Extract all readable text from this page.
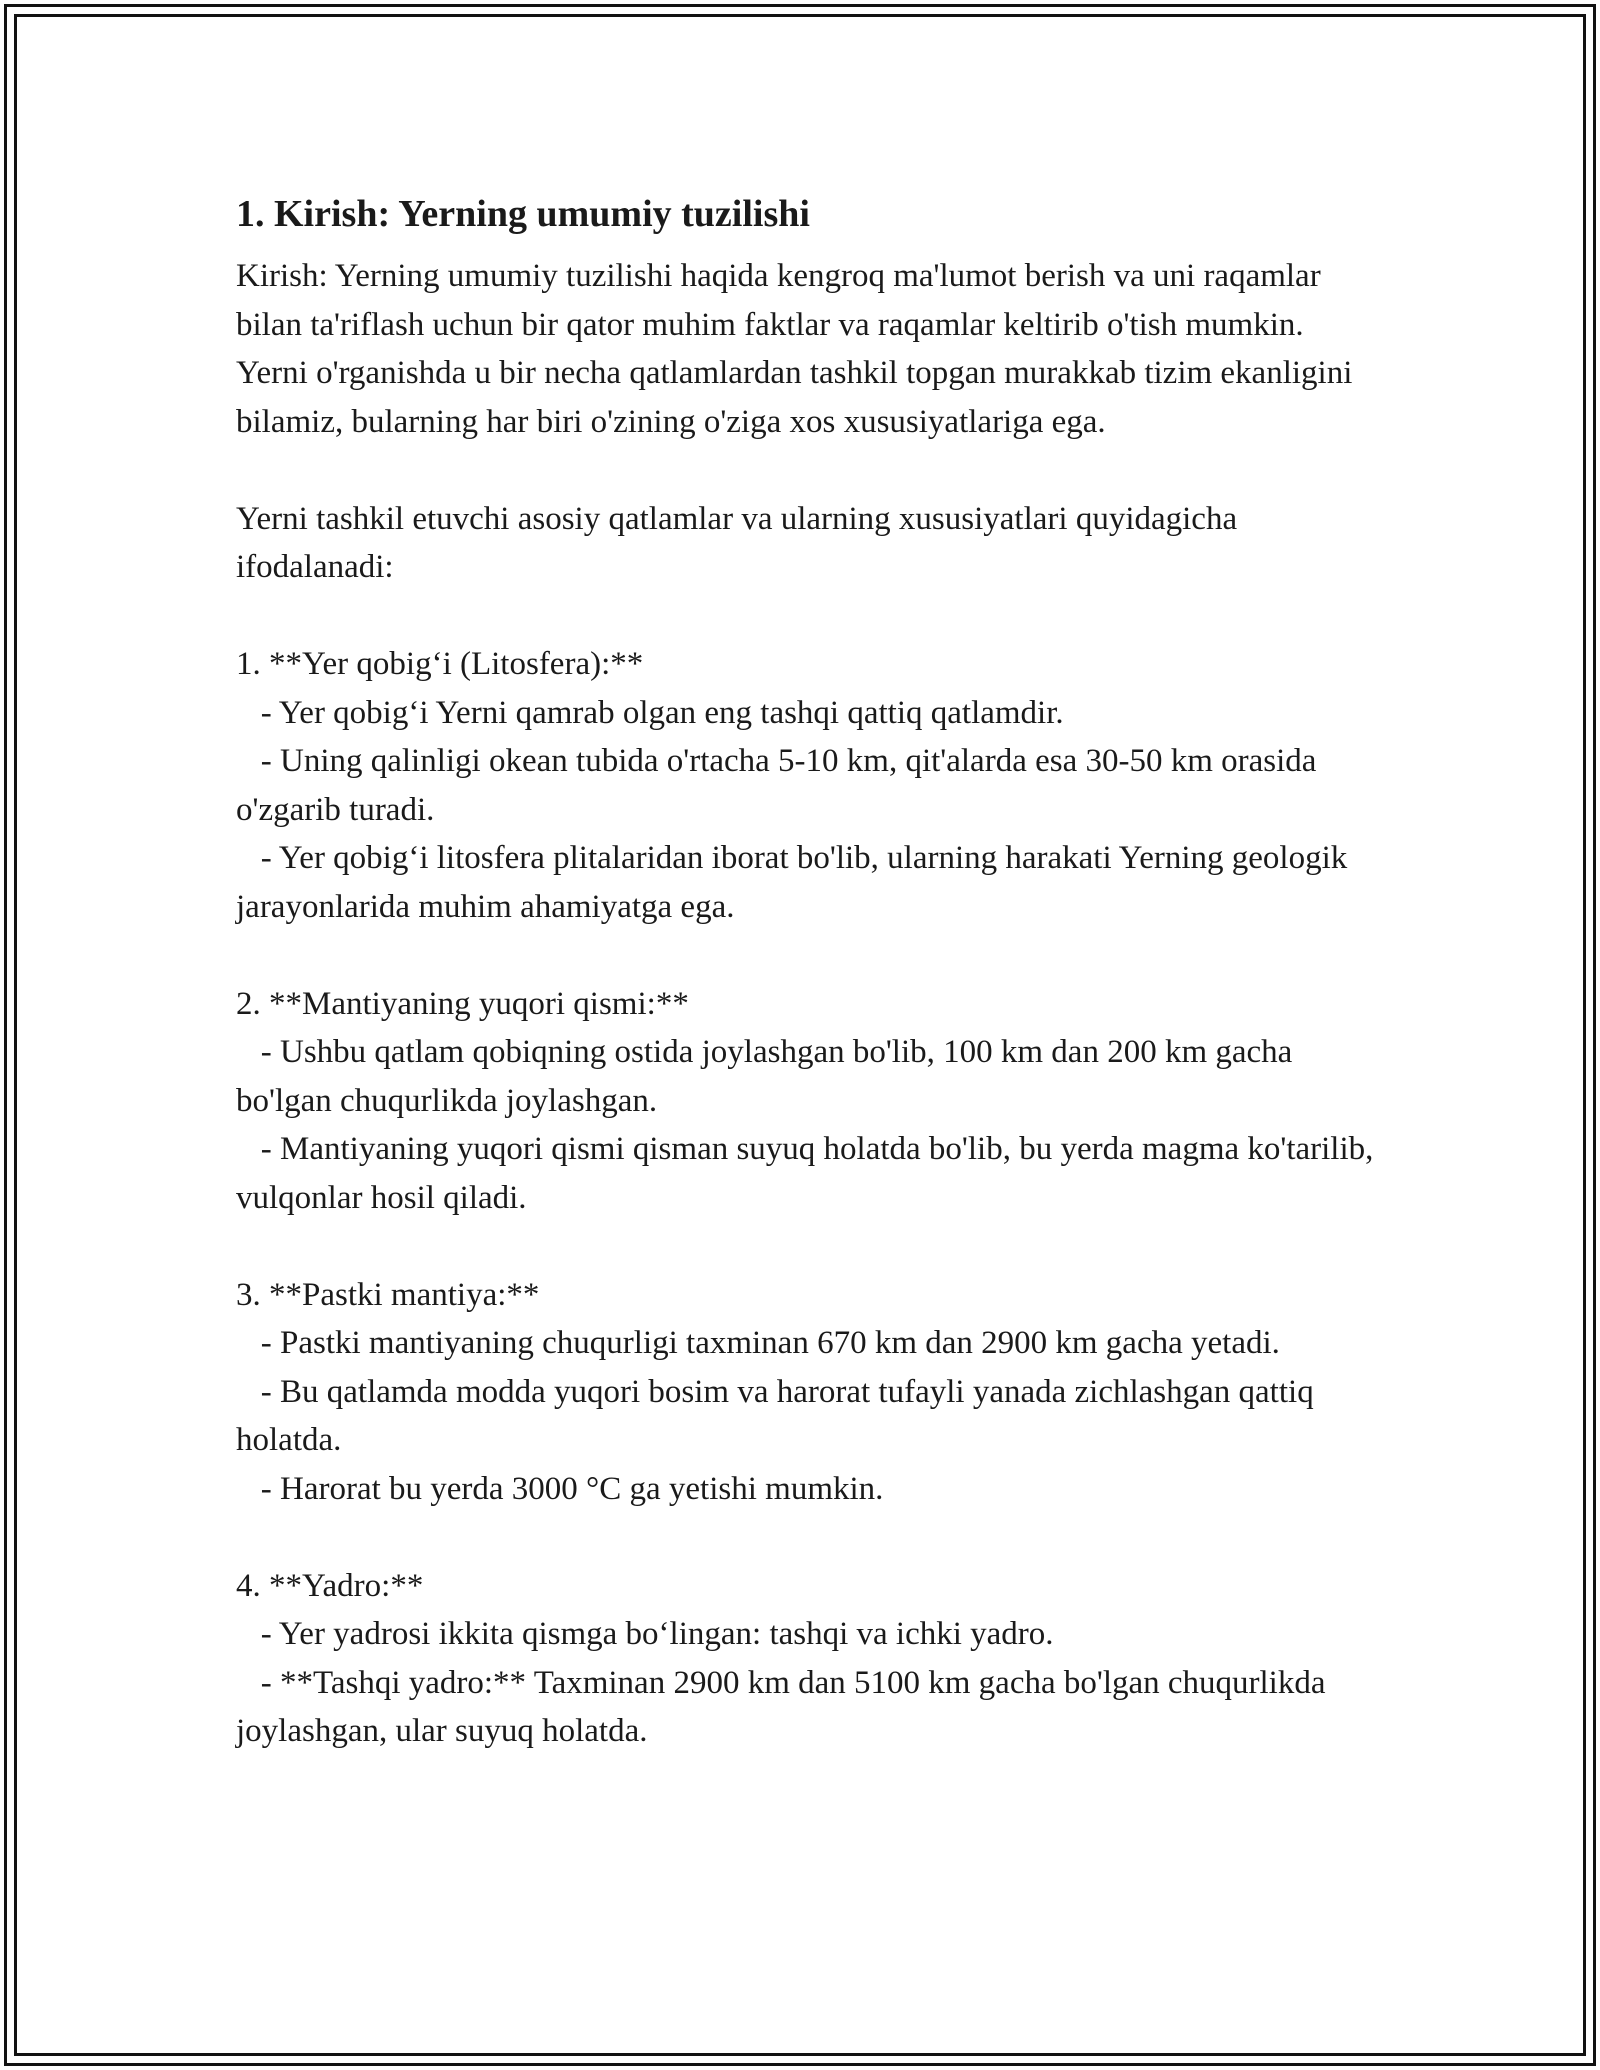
1. Kirish: Yerning umumiy tuzilishi

Kirish: Yerning umumiy tuzilishi haqida kengroq ma'lumot berish va uni raqamlar bilan ta'riflash uchun bir qator muhim faktlar va raqamlar keltirib o'tish mumkin. Yerni o'rganishda u bir necha qatlamlardan tashkil topgan murakkab tizim ekanligini bilamiz, bularning har biri o'zining o'ziga xos xususiyatlariga ega.

Yerni tashkil etuvchi asosiy qatlamlar va ularning xususiyatlari quyidagicha ifodalanadi:

1. **Yer qobig‘i (Litosfera):**

- Yer qobig‘i Yerni qamrab olgan eng tashqi qattiq qatlamdir.

- Uning qalinligi okean tubida o'rtacha 5-10 km, qit'alarda esa 30-50 km orasida o'zgarib turadi.

- Yer qobig‘i litosfera plitalaridan iborat bo'lib, ularning harakati Yerning geologik jarayonlarida muhim ahamiyatga ega.

2. **Mantiyaning yuqori qismi:**

- Ushbu qatlam qobiqning ostida joylashgan bo'lib, 100 km dan 200 km gacha bo'lgan chuqurlikda joylashgan.

- Mantiyaning yuqori qismi qisman suyuq holatda bo'lib, bu yerda magma ko'tarilib, vulqonlar hosil qiladi.

3. **Pastki mantiya:**

- Pastki mantiyaning chuqurligi taxminan 670 km dan 2900 km gacha yetadi.

- Bu qatlamda modda yuqori bosim va harorat tufayli yanada zichlashgan qattiq holatda.

- Harorat bu yerda 3000 °C ga yetishi mumkin.

4. **Yadro:**

- Yer yadrosi ikkita qismga bo‘lingan: tashqi va ichki yadro.

- **Tashqi yadro:** Taxminan 2900 km dan 5100 km gacha bo'lgan chuqurlikda joylashgan, ular suyuq holatda.
